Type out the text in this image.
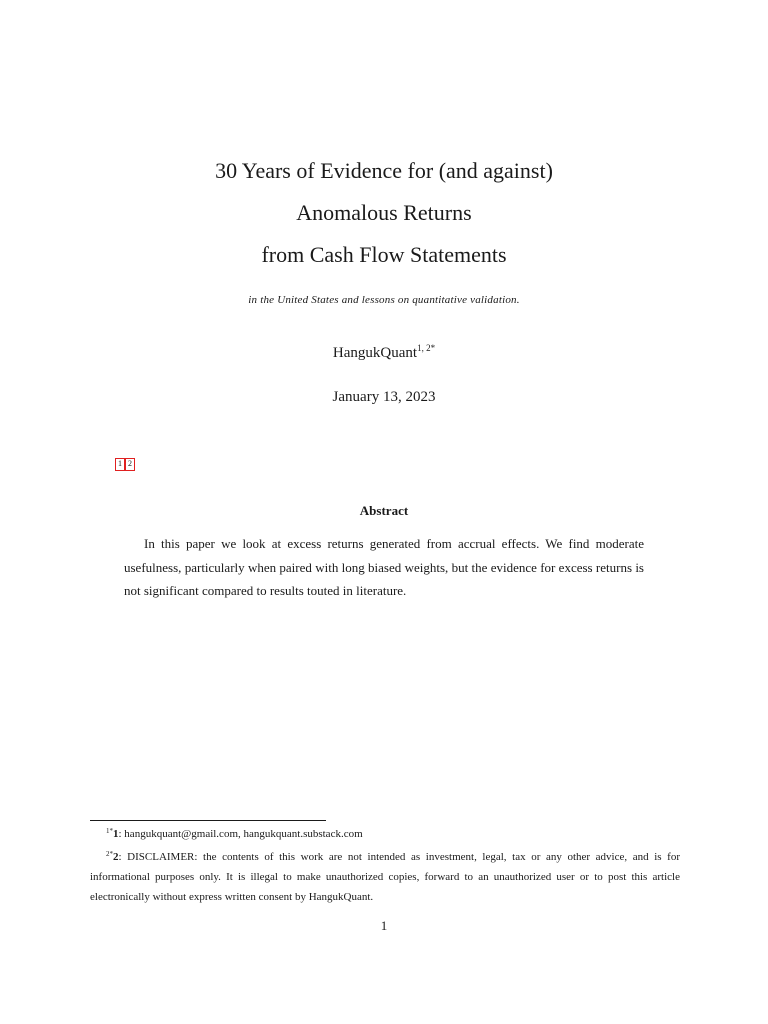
30 Years of Evidence for (and against)
Anomalous Returns
from Cash Flow Statements
in the United States and lessons on quantitative validation.
HangukQuant$^{1, 2*}$
January 13, 2023
1 2
Abstract
In this paper we look at excess returns generated from accrual effects. We find moderate usefulness, particularly when paired with long biased weights, but the evidence for excess returns is not significant compared to results touted in literature.

$^{1*}$1: hangukquant@gmail.com, hangukquant.substack.com

$^{2*}$2: DISCLAIMER: the contents of this work are not intended as investment, legal, tax or any other advice, and is for informational purposes only. It is illegal to make unauthorized copies, forward to an unauthorized user or to post this article electronically without express written consent by HangukQuant.

1
